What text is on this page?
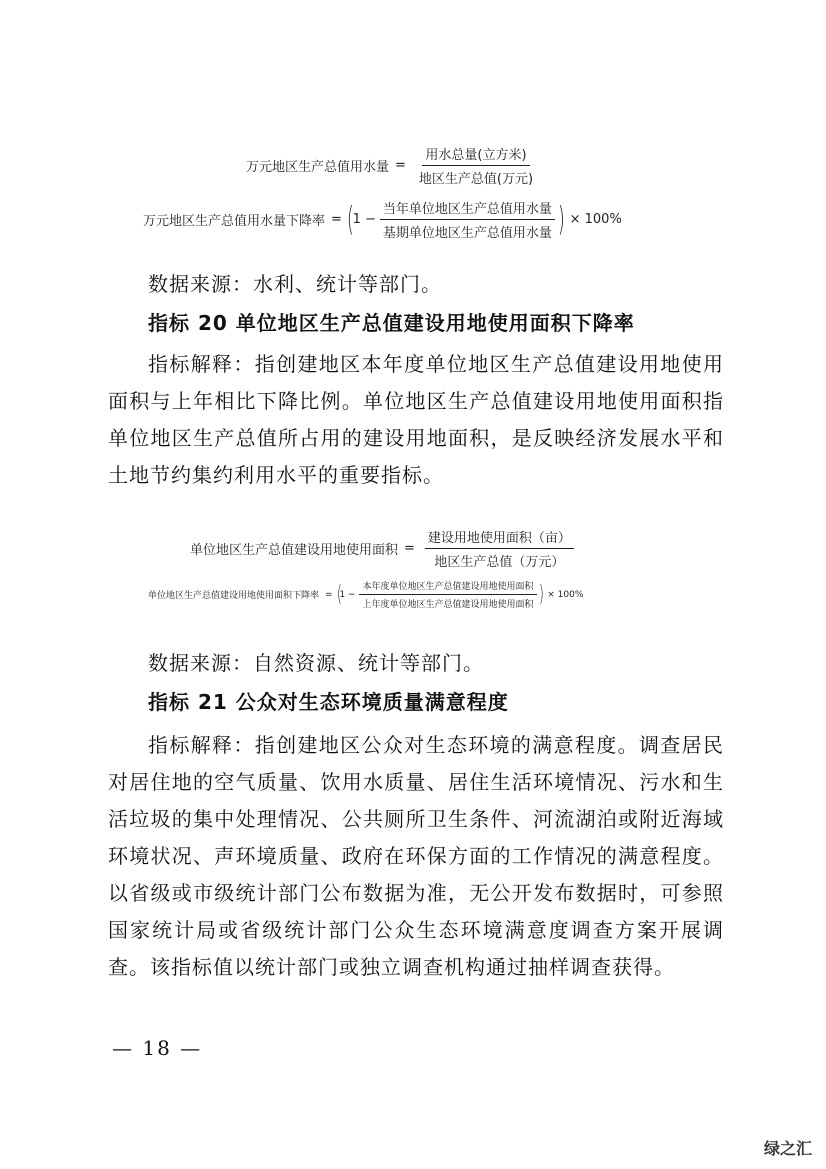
万元地区生产总值用水量 = $\frac{\text{用水总量(立方米)}}{\text{地区生产总值(万元)}}$
万元地区生产总值用水量下降率 = (
$1 - \frac{\text{当年单位地区生产总值用水量}}{\text{基期单位地区生产总值用水量}}$ ) × 100%
数据来源：水利、统计等部门。
指标 20 单位地区生产总值建设用地使用面积下降率
指标解释：指创建地区本年度单位地区生产总值建设用地使用面积与上年相比下降比例。单位地区生产总值建设用地使用面积指单位地区生产总值所占用的建设用地面积，是反映经济发展水平和土地节约集约利用水平的重要指标。
单位地区生产总值建设用地使用面积 = $\frac{\text{建设用地使用面积（亩）}}{\text{地区生产总值（万元）}}$
单位地区生产总值建设用地使用面积下降率 = (
$1 - \frac{\text{本年度单位地区生产总值建设用地使用面积}}{\text{上年度单位地区生产总值建设用地使用面积}}$ ) × 100%
数据来源：自然资源、统计等部门。
指标 21 公众对生态环境质量满意程度
指标解释：指创建地区公众对生态环境的满意程度。调查居民对居住地的空气质量、饮用水质量、居住生活环境情况、污水和生活垃圾的集中处理情况、公共厕所卫生条件、河流湖泊或附近海域环境状况、声环境质量、政府在环保方面的工作情况的满意程度。以省级或市级统计部门公布数据为准，无公开发布数据时，可参照国家统计局或省级统计部门公众生态环境满意度调查方案开展调查。该指标值以统计部门或独立调查机构通过抽样调查获得。
— 18 —
绿之汇
